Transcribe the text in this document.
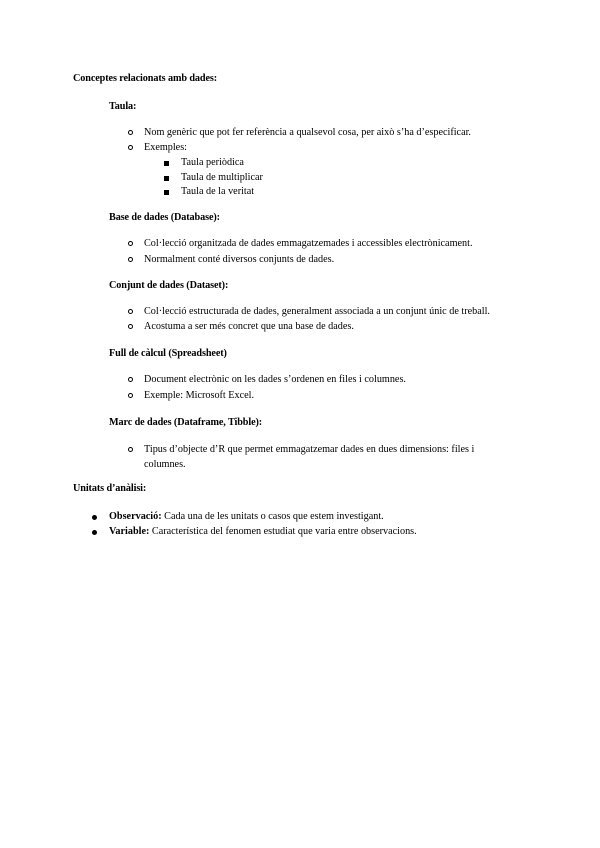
Conceptes relacionats amb dades:
Taula:
Nom genèric que pot fer referència a qualsevol cosa, per això s’ha d’especificar.
Exemples:
Taula periòdica
Taula de multiplicar
Taula de la veritat
Base de dades (Database):
Col·lecció organitzada de dades emmagatzemades i accessibles electrònicament.
Normalment conté diversos conjunts de dades.
Conjunt de dades (Dataset):
Col·lecció estructurada de dades, generalment associada a un conjunt únic de treball.
Acostuma a ser més concret que una base de dades.
Full de càlcul (Spreadsheet)
Document electrònic on les dades s’ordenen en files i columnes.
Exemple: Microsoft Excel.
Marc de dades (Dataframe, Tibble):
Tipus d’objecte d’R que permet emmagatzemar dades en dues dimensions: files i columnes.
Unitats d’anàlisi:
Observació: Cada una de les unitats o casos que estem investigant.
Variable: Característica del fenomen estudiat que varia entre observacions.
